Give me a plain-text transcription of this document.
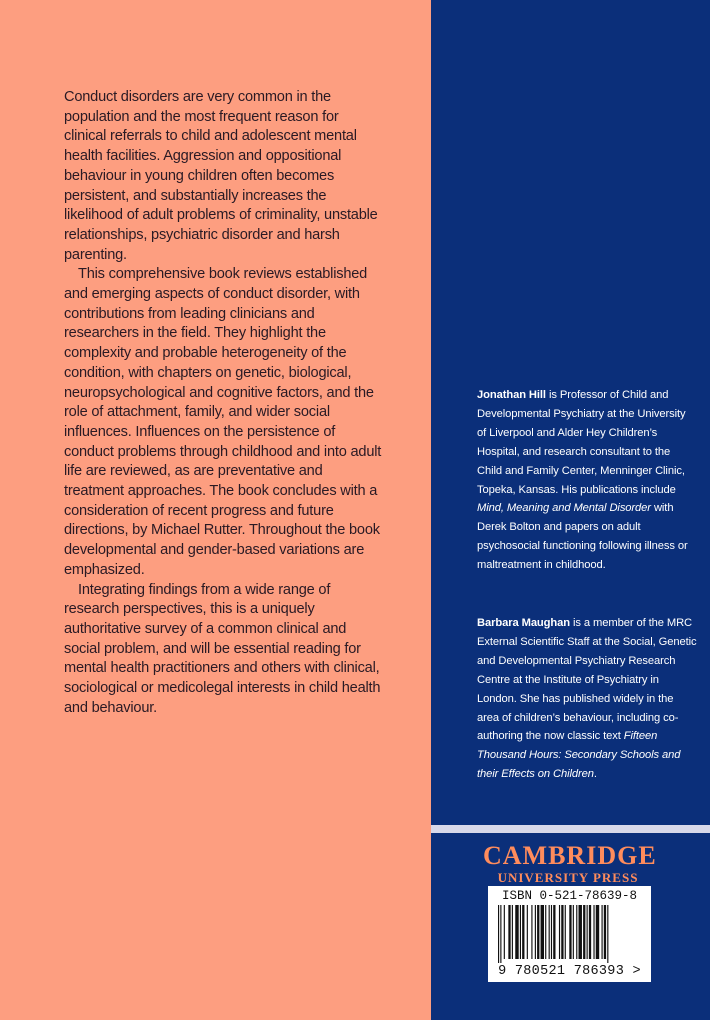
Conduct disorders are very common in the population and the most frequent reason for clinical referrals to child and adolescent mental health facilities. Aggression and oppositional behaviour in young children often becomes persistent, and substantially increases the likelihood of adult problems of criminality, unstable relationships, psychiatric disorder and harsh parenting.

This comprehensive book reviews established and emerging aspects of conduct disorder, with contributions from leading clinicians and researchers in the field. They highlight the complexity and probable heterogeneity of the condition, with chapters on genetic, biological, neuropsychological and cognitive factors, and the role of attachment, family, and wider social influences. Influences on the persistence of conduct problems through childhood and into adult life are reviewed, as are preventative and treatment approaches. The book concludes with a consideration of recent progress and future directions, by Michael Rutter. Throughout the book developmental and gender-based variations are emphasized.

Integrating findings from a wide range of research perspectives, this is a uniquely authoritative survey of a common clinical and social problem, and will be essential reading for mental health practitioners and others with clinical, sociological or medicolegal interests in child health and behaviour.

Jonathan Hill is Professor of Child and Developmental Psychiatry at the University of Liverpool and Alder Hey Children’s Hospital, and research consultant to the Child and Family Center, Menninger Clinic, Topeka, Kansas. His publications include Mind, Meaning and Mental Disorder with Derek Bolton and papers on adult psychosocial functioning following illness or maltreatment in childhood.
Barbara Maughan is a member of the MRC External Scientific Staff at the Social, Genetic and Developmental Psychiatry Research Centre at the Institute of Psychiatry in London. She has published widely in the area of children’s behaviour, including co-authoring the now classic text Fifteen Thousand Hours: Secondary Schools and their Effects on Children.
CAMBRIDGE
UNIVERSITY PRESS
ISBN 0-521-78639-8
9 780521 786393 >
